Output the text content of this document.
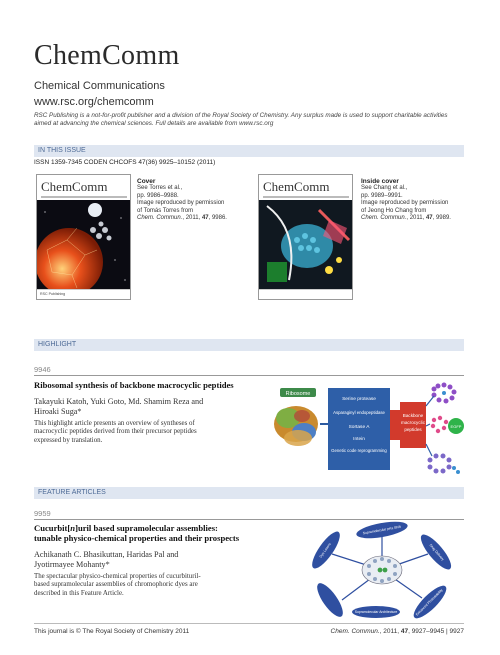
ChemComm
Chemical Communications
www.rsc.org/chemcomm
RSC Publishing is a not-for-profit publisher and a division of the Royal Society of Chemistry. Any surplus made is used to support charitable activities aimed at advancing the chemical sciences. Full details are available from www.rsc.org
IN THIS ISSUE
ISSN 1359-7345 CODEN CHCOFS 47(36) 9925–10152 (2011)
ChemComm
RSC Publishing
Cover
See Torres et al.,
pp. 9986–9988.
Image reproduced by permission
of Tomás Torres from
Chem. Commun., 2011, 47, 9986.
ChemComm	Inside cover
See Chang et al.,
pp. 9989–9991.
Image reproduced by permission
of Jeong Ho Chang from
Chem. Commun., 2011, 47, 9989.
HIGHLIGHT
9946
Ribosomal synthesis of backbone macrocyclic peptides
Takayuki Katoh, Yuki Goto, Md. Shamim Reza and
Hiroaki Suga*
This highlight article presents an overview of syntheses of
macrocyclic peptides derived from their precursor peptides
expressed by translation.
Ribosome
Serine protease
Asparaginyl endopeptidase
Sortase A
Intein
Genetic code reprogramming
Backbone
macrocyclic
peptides
EGFP
FEATURE ARTICLES
9959
Cucurbit[n]uril based supramolecular assemblies:
tunable physico-chemical properties and their prospects
Achikanath C. Bhasikuttan, Haridas Pal and
Jyotirmayee Mohanty*
The spectacular physico-chemical properties of cucurbituril-
based supramolecular assemblies of chromophoric dyes are
described in this Feature Article.
Supramolecular pKa Shift
Drug Delivery
Enhanced Photostability
Supramolecular Architecture
Dye Lasers
This journal is © The Royal Society of Chemistry 2011	Chem. Commun., 2011, 47, 9927–9945 | 9927
